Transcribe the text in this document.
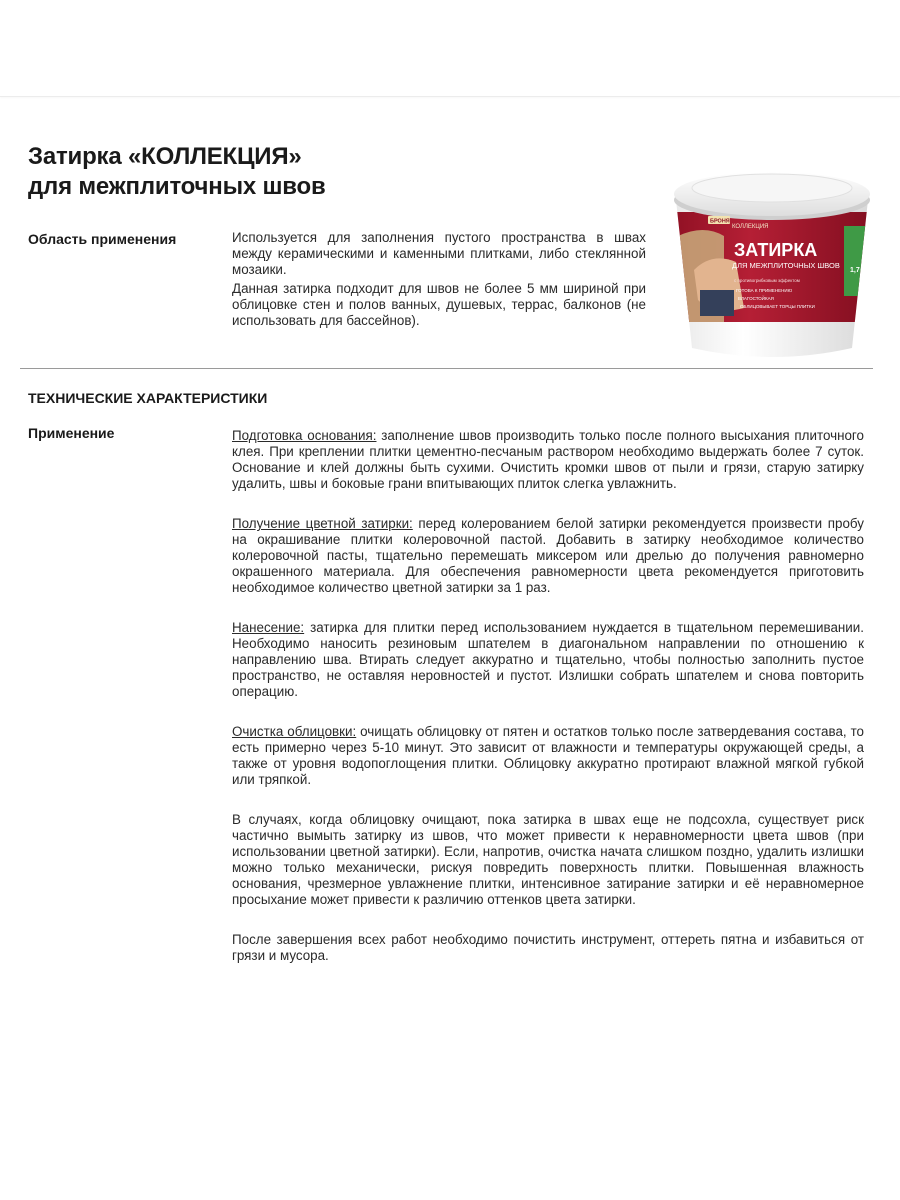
Затирка «КОЛЛЕКЦИЯ»
для межплиточных швов
БРОНЯ
КОЛЛЕКЦИЯ
ЗАТИРКА
ДЛЯ МЕЖПЛИТОЧНЫХ ШВОВ
с противогрибковым эффектом
ГОТОВА К ПРИМЕНЕНИЮ
ВЛАГОСТОЙКАЯ
ОБЛИЦОВЫВАЕТ ТОРЦЫ ПЛИТКИ
1,7
Область применения	Используется для заполнения пустого пространства в швах между керамическими и каменными плитками, либо стеклянной мозаики.

Данная затирка подходит для швов не более 5 мм шириной при облицовке стен и полов ванных, душевых, террас, балконов (не использовать для бассейнов).

ТЕХНИЧЕСКИЕ ХАРАКТЕРИСТИКИ
Применение	Подготовка основания: заполнение швов производить только после полного высыхания плиточного клея. При креплении плитки цементно-песчаным раствором необходимо выдержать более 7 суток. Основание и клей должны быть сухими. Очистить кромки швов от пыли и грязи, старую затирку удалить, швы и боковые грани впитывающих плиток слегка увлажнить.

Получение цветной затирки: перед колерованием белой затирки рекомендуется произвести пробу на окрашивание плитки колеровочной пастой. Добавить в затирку необходимое количество колеровочной пасты, тщательно перемешать миксером или дрелью до получения равномерно окрашенного материала. Для обеспечения равномерности цвета рекомендуется приготовить необходимое количество цветной затирки за 1 раз.

Нанесение: затирка для плитки перед использованием нуждается в тщательном перемешивании. Необходимо наносить резиновым шпателем в диагональном направлении по отношению к направлению шва. Втирать следует аккуратно и тщательно, чтобы полностью заполнить пустое пространство, не оставляя неровностей и пустот. Излишки собрать шпателем и снова повторить операцию.

Очистка облицовки: очищать облицовку от пятен и остатков только после затвердевания состава, то есть примерно через 5-10 минут. Это зависит от влажности и температуры окружающей среды, а также от уровня водопоглощения плитки. Облицовку аккуратно протирают влажной мягкой губкой или тряпкой.

В случаях, когда облицовку очищают, пока затирка в швах еще не подсохла, существует риск частично вымыть затирку из швов, что может привести к неравномерности цвета швов (при использовании цветной затирки). Если, напротив, очистка начата слишком поздно, удалить излишки можно только механически, рискуя повредить поверхность плитки. Повышенная влажность основания, чрезмерное увлажнение плитки, интенсивное затирание затирки и её неравномерное просыхание может привести к различию оттенков цвета затирки.

После завершения всех работ необходимо почистить инструмент, оттереть пятна и избавиться от грязи и мусора.
